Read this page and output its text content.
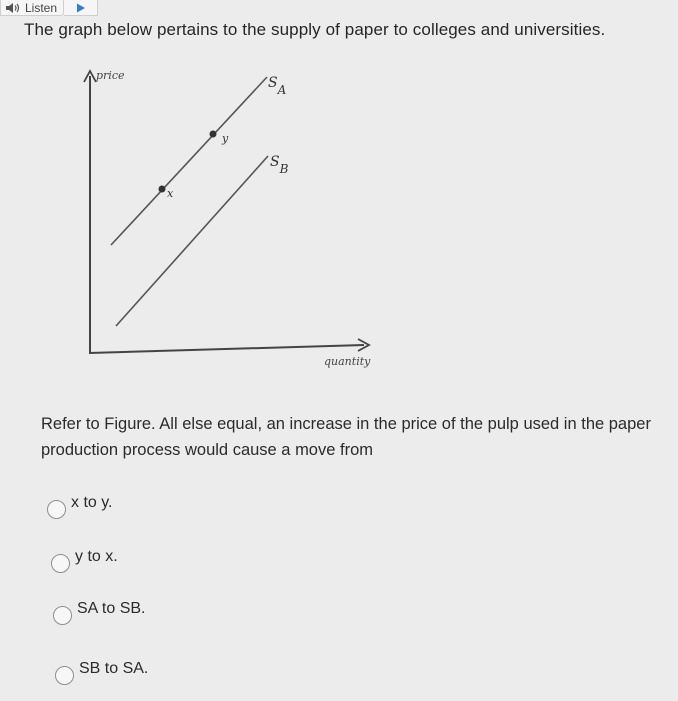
Listen
The graph below pertains to the supply of paper to colleges and universities.
price
quantity
SA
SB
x
y

Refer to Figure. All else equal, an increase in the price of the pulp used in the paper production process would cause a move from

x to y.
y to x.
SA to SB.
SB to SA.
